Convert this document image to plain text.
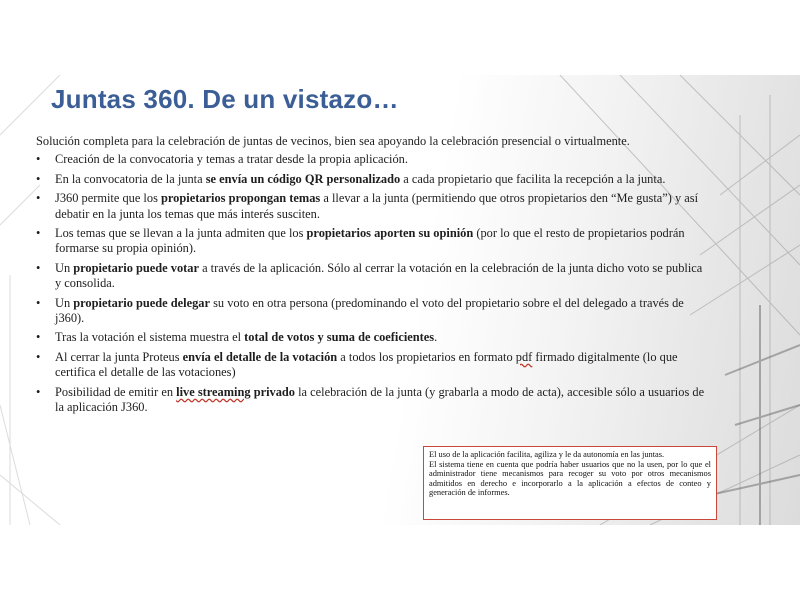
Juntas 360. De un vistazo…

Solución completa para la celebración de juntas de vecinos, bien sea apoyando la celebración presencial o virtualmente.

• Creación de la convocatoria y temas a tratar desde la propia aplicación.
• En la convocatoria de la junta se envía un código QR personalizado a cada propietario que facilita la recepción a la junta.
• J360 permite que los propietarios propongan temas a llevar a la junta (permitiendo que otros propietarios den “Me gusta”) y así debatir en la junta los temas que más interés susciten.
• Los temas que se llevan a la junta admiten que los propietarios aporten su opinión (por lo que el resto de propietarios podrán formarse su propia opinión).
• Un propietario puede votar a través de la aplicación. Sólo al cerrar la votación en la celebración de la junta dicho voto se publica y consolida.
• Un propietario puede delegar su voto en otra persona (predominando el voto del propietario sobre el del delegado a través de j360).
• Tras la votación el sistema muestra el total de votos y suma de coeficientes.
• Al cerrar la junta Proteus envía el detalle de la votación a todos los propietarios en formato pdf firmado digitalmente (lo que certifica el detalle de las votaciones)
• Posibilidad de emitir en live streaming privado la celebración de la junta (y grabarla a modo de acta), accesible sólo a usuarios de la aplicación J360.

El uso de la aplicación facilita, agiliza y le da autonomía en las juntas.

El sistema tiene en cuenta que podría haber usuarios que no la usen, por lo que el administrador tiene mecanismos para recoger su voto por otros mecanismos admitidos en derecho e incorporarlo a la aplicación a efectos de conteo y generación de informes.
